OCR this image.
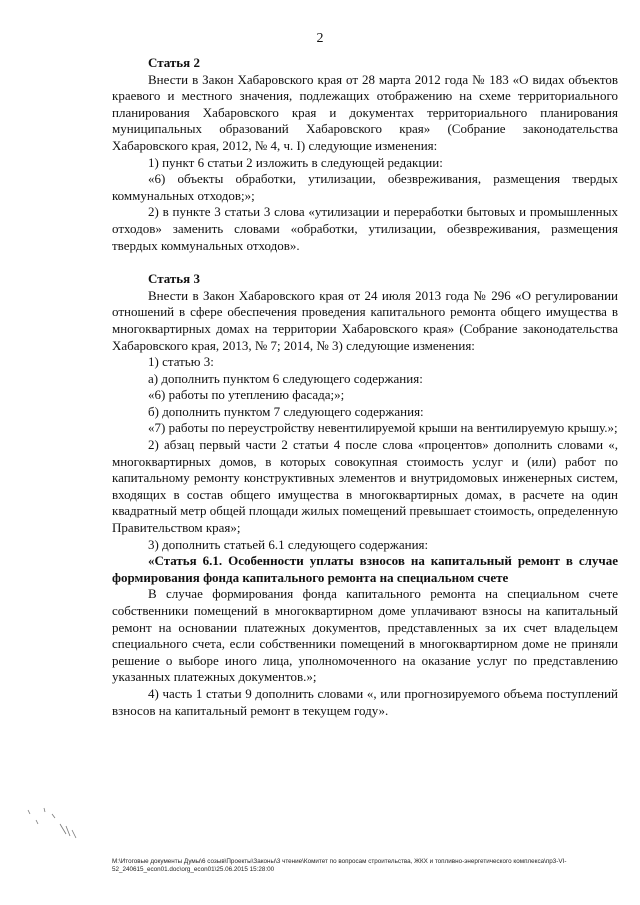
2

Статья 2

Внести в Закон Хабаровского края от 28 марта 2012 года № 183 «О видах объектов краевого и местного значения, подлежащих отображению на схеме территориального планирования Хабаровского края и документах территориального планирования муниципальных образований Хабаровского края» (Собрание законодательства Хабаровского края, 2012, № 4, ч. I) следующие изменения:

1) пункт 6 статьи 2 изложить в следующей редакции:

«6) объекты обработки, утилизации, обезвреживания, размещения твердых коммунальных отходов;»;

2) в пункте 3 статьи 3 слова «утилизации и переработки бытовых и промышленных отходов» заменить словами «обработки, утилизации, обезвреживания, размещения твердых коммунальных отходов».

Статья 3

Внести в Закон Хабаровского края от 24 июля 2013 года № 296 «О регулировании отношений в сфере обеспечения проведения капитального ремонта общего имущества в многоквартирных домах на территории Хабаровского края» (Собрание законодательства Хабаровского края, 2013, № 7; 2014, № 3) следующие изменения:

1) статью 3:

а) дополнить пунктом 6 следующего содержания:

«6) работы по утеплению фасада;»;

б) дополнить пунктом 7 следующего содержания:

«7) работы по переустройству невентилируемой крыши на вентилируемую крышу.»;

2) абзац первый части 2 статьи 4 после слова «процентов» дополнить словами «, многоквартирных домов, в которых совокупная стоимость услуг и (или) работ по капитальному ремонту конструктивных элементов и внутридомовых инженерных систем, входящих в состав общего имущества в многоквартирных домах, в расчете на один квадратный метр общей площади жилых помещений превышает стоимость, определенную Правительством края»;

3) дополнить статьей 6.1 следующего содержания:

«Статья 6.1. Особенности уплаты взносов на капитальный ремонт в случае формирования фонда капитального ремонта на специальном счете

В случае формирования фонда капитального ремонта на специальном счете собственники помещений в многоквартирном доме уплачивают взносы на капитальный ремонт на основании платежных документов, представленных за их счет владельцем специального счета, если собственники помещений в многоквартирном доме не приняли решение о выборе иного лица, уполномоченного на оказание услуг по представлению указанных платежных документов.»;

4) часть 1 статьи 9 дополнить словами «, или прогнозируемого объема поступлений взносов на капитальный ремонт в текущем году».

M:\Итоговые документы Думы\6 созыв\Проекты\Законы\3 чтение\Комитет по вопросам строительства, ЖКХ и топливно-энергетического комплекса\пр3-VI-52_240615_econ01.doc\org_econ01\25.06.2015 15:28:00
